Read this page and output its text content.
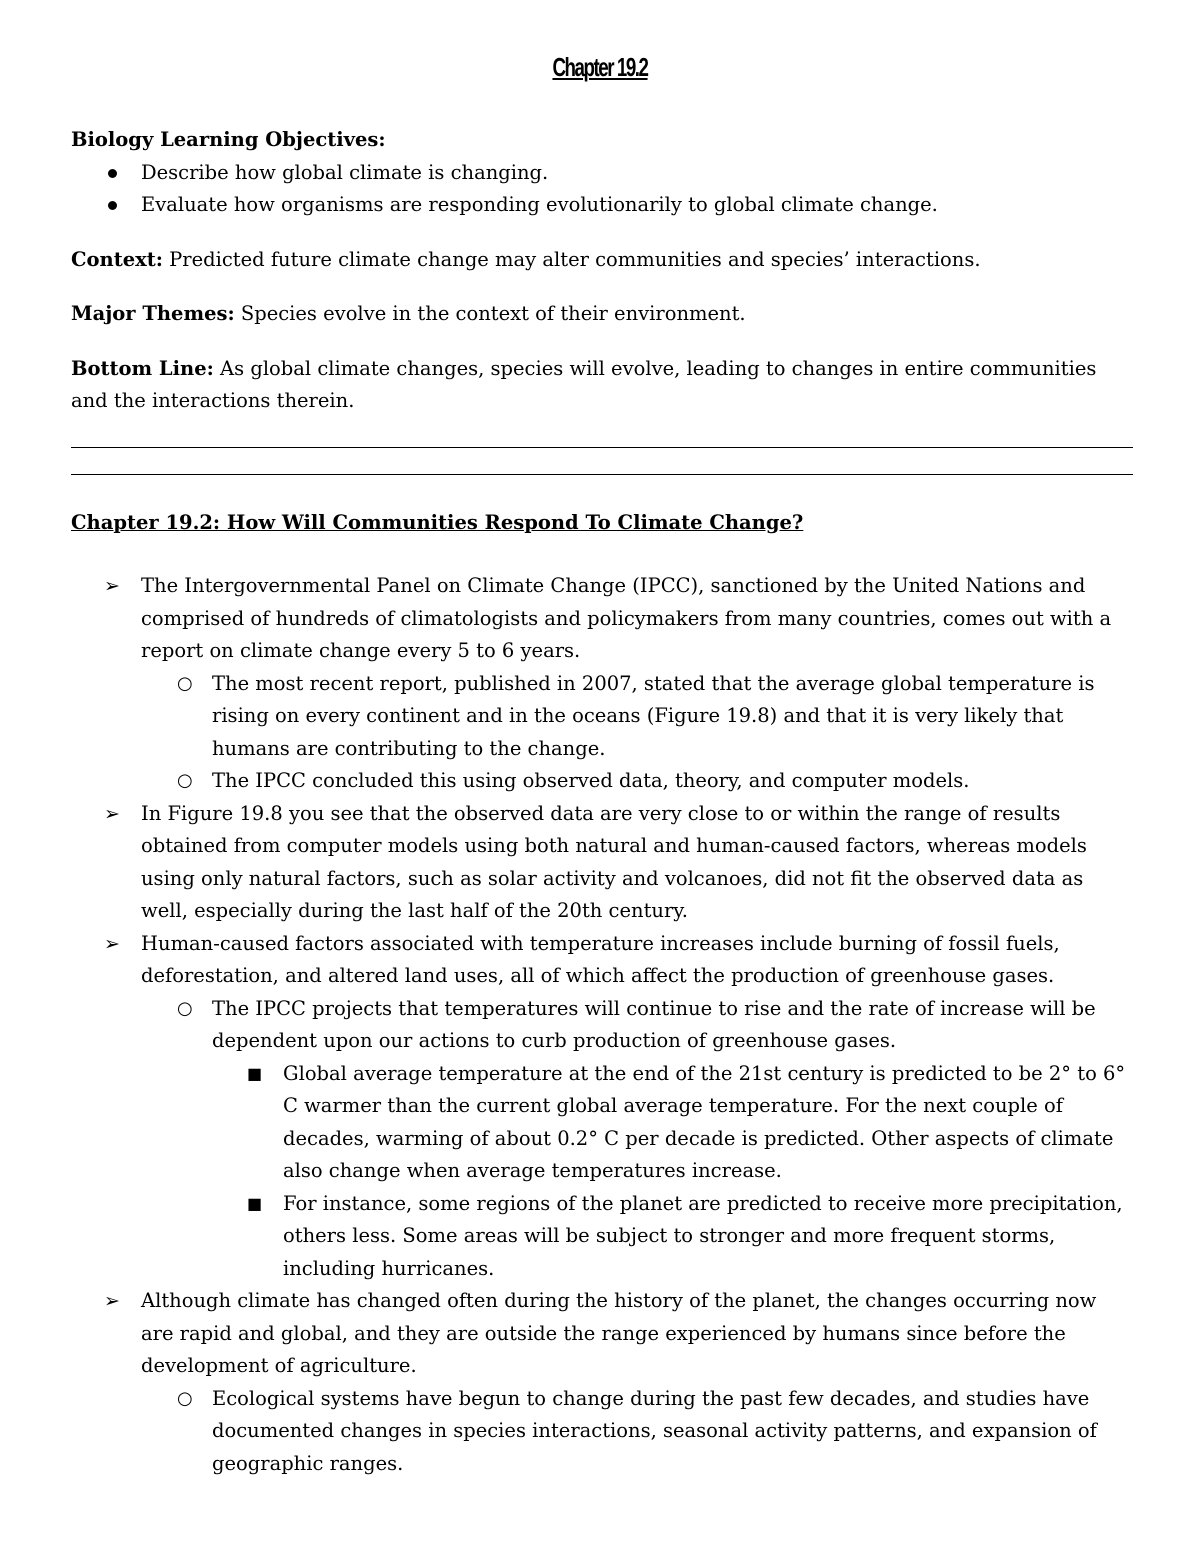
Chapter 19.2

Biology Learning Objectives:

Describe how global climate is changing.
Evaluate how organisms are responding evolutionarily to global climate change.

Context: Predicted future climate change may alter communities and species’ interactions.

Major Themes: Species evolve in the context of their environment.

Bottom Line: As global climate changes, species will evolve, leading to changes in entire communities and the interactions therein.

Chapter 19.2: How Will Communities Respond To Climate Change?

➢ The Intergovernmental Panel on Climate Change (IPCC), sanctioned by the United Nations and comprised of hundreds of climatologists and policymakers from many countries, comes out with a report on climate change every 5 to 6 years.
○ The most recent report, published in 2007, stated that the average global temperature is rising on every continent and in the oceans (Figure 19.8) and that it is very likely that humans are contributing to the change.
○ The IPCC concluded this using observed data, theory, and computer models.
➢ In Figure 19.8 you see that the observed data are very close to or within the range of results obtained from computer models using both natural and human-caused factors, whereas models using only natural factors, such as solar activity and volcanoes, did not fit the observed data as well, especially during the last half of the 20th century.
➢ Human-caused factors associated with temperature increases include burning of fossil fuels, deforestation, and altered land uses, all of which affect the production of greenhouse gases.
○ The IPCC projects that temperatures will continue to rise and the rate of increase will be dependent upon our actions to curb production of greenhouse gases.
■ Global average temperature at the end of the 21st century is predicted to be 2° to 6° C warmer than the current global average temperature. For the next couple of decades, warming of about 0.2° C per decade is predicted. Other aspects of climate also change when average temperatures increase.
■ For instance, some regions of the planet are predicted to receive more precipitation, others less. Some areas will be subject to stronger and more frequent storms, including hurricanes.
➢ Although climate has changed often during the history of the planet, the changes occurring now are rapid and global, and they are outside the range experienced by humans since before the development of agriculture.
○ Ecological systems have begun to change during the past few decades, and studies have documented changes in species interactions, seasonal activity patterns, and expansion of geographic ranges.
